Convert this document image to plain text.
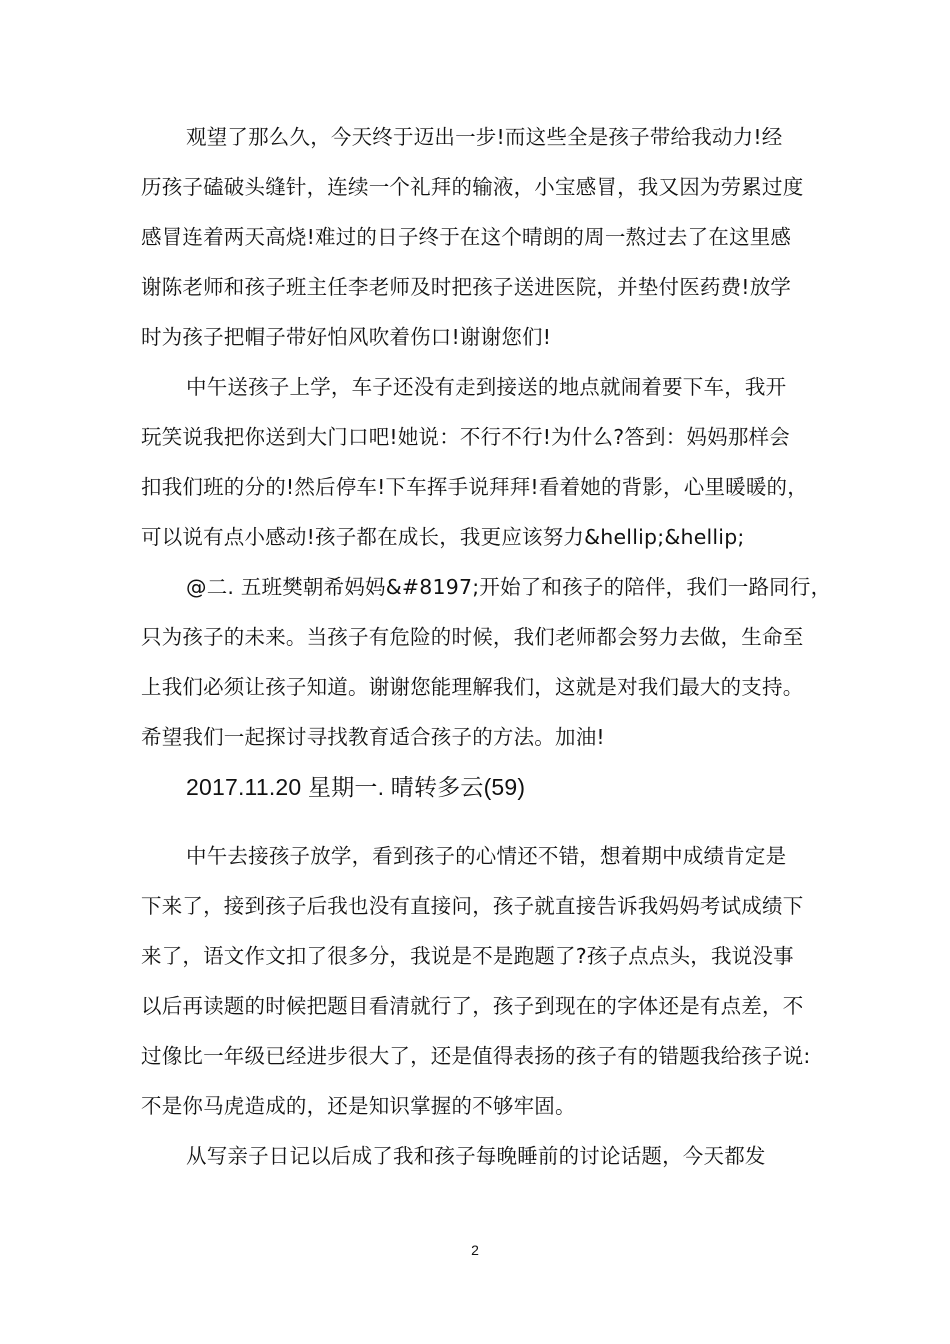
观望了那么久，今天终于迈出一步!而这些全是孩子带给我动力!经
历孩子磕破头缝针，连续一个礼拜的输液，小宝感冒，我又因为劳累过度
感冒连着两天高烧!难过的日子终于在这个晴朗的周一熬过去了在这里感
谢陈老师和孩子班主任李老师及时把孩子送进医院，并垫付医药费!放学
时为孩子把帽子带好怕风吹着伤口!谢谢您们!
中午送孩子上学，车子还没有走到接送的地点就闹着要下车，我开
玩笑说我把你送到大门口吧!她说：不行不行!为什么?答到：妈妈那样会
扣我们班的分的!然后停车!下车挥手说拜拜!看着她的背影，心里暖暖的，
可以说有点小感动!孩子都在成长，我更应该努力&hellip;&hellip;
@二. 五班樊朝希妈妈&#8197;开始了和孩子的陪伴，我们一路同行，
只为孩子的未来。当孩子有危险的时候，我们老师都会努力去做，生命至
上我们必须让孩子知道。谢谢您能理解我们，这就是对我们最大的支持。
希望我们一起探讨寻找教育适合孩子的方法。加油!
2017.11.20 星期一. 晴转多云(59)
中午去接孩子放学，看到孩子的心情还不错，想着期中成绩肯定是
下来了，接到孩子后我也没有直接问，孩子就直接告诉我妈妈考试成绩下
来了，语文作文扣了很多分，我说是不是跑题了?孩子点点头，我说没事
以后再读题的时候把题目看清就行了，孩子到现在的字体还是有点差，不
过像比一年级已经进步很大了，还是值得表扬的孩子有的错题我给孩子说:
不是你马虎造成的，还是知识掌握的不够牢固。
从写亲子日记以后成了我和孩子每晚睡前的讨论话题，今天都发
2
